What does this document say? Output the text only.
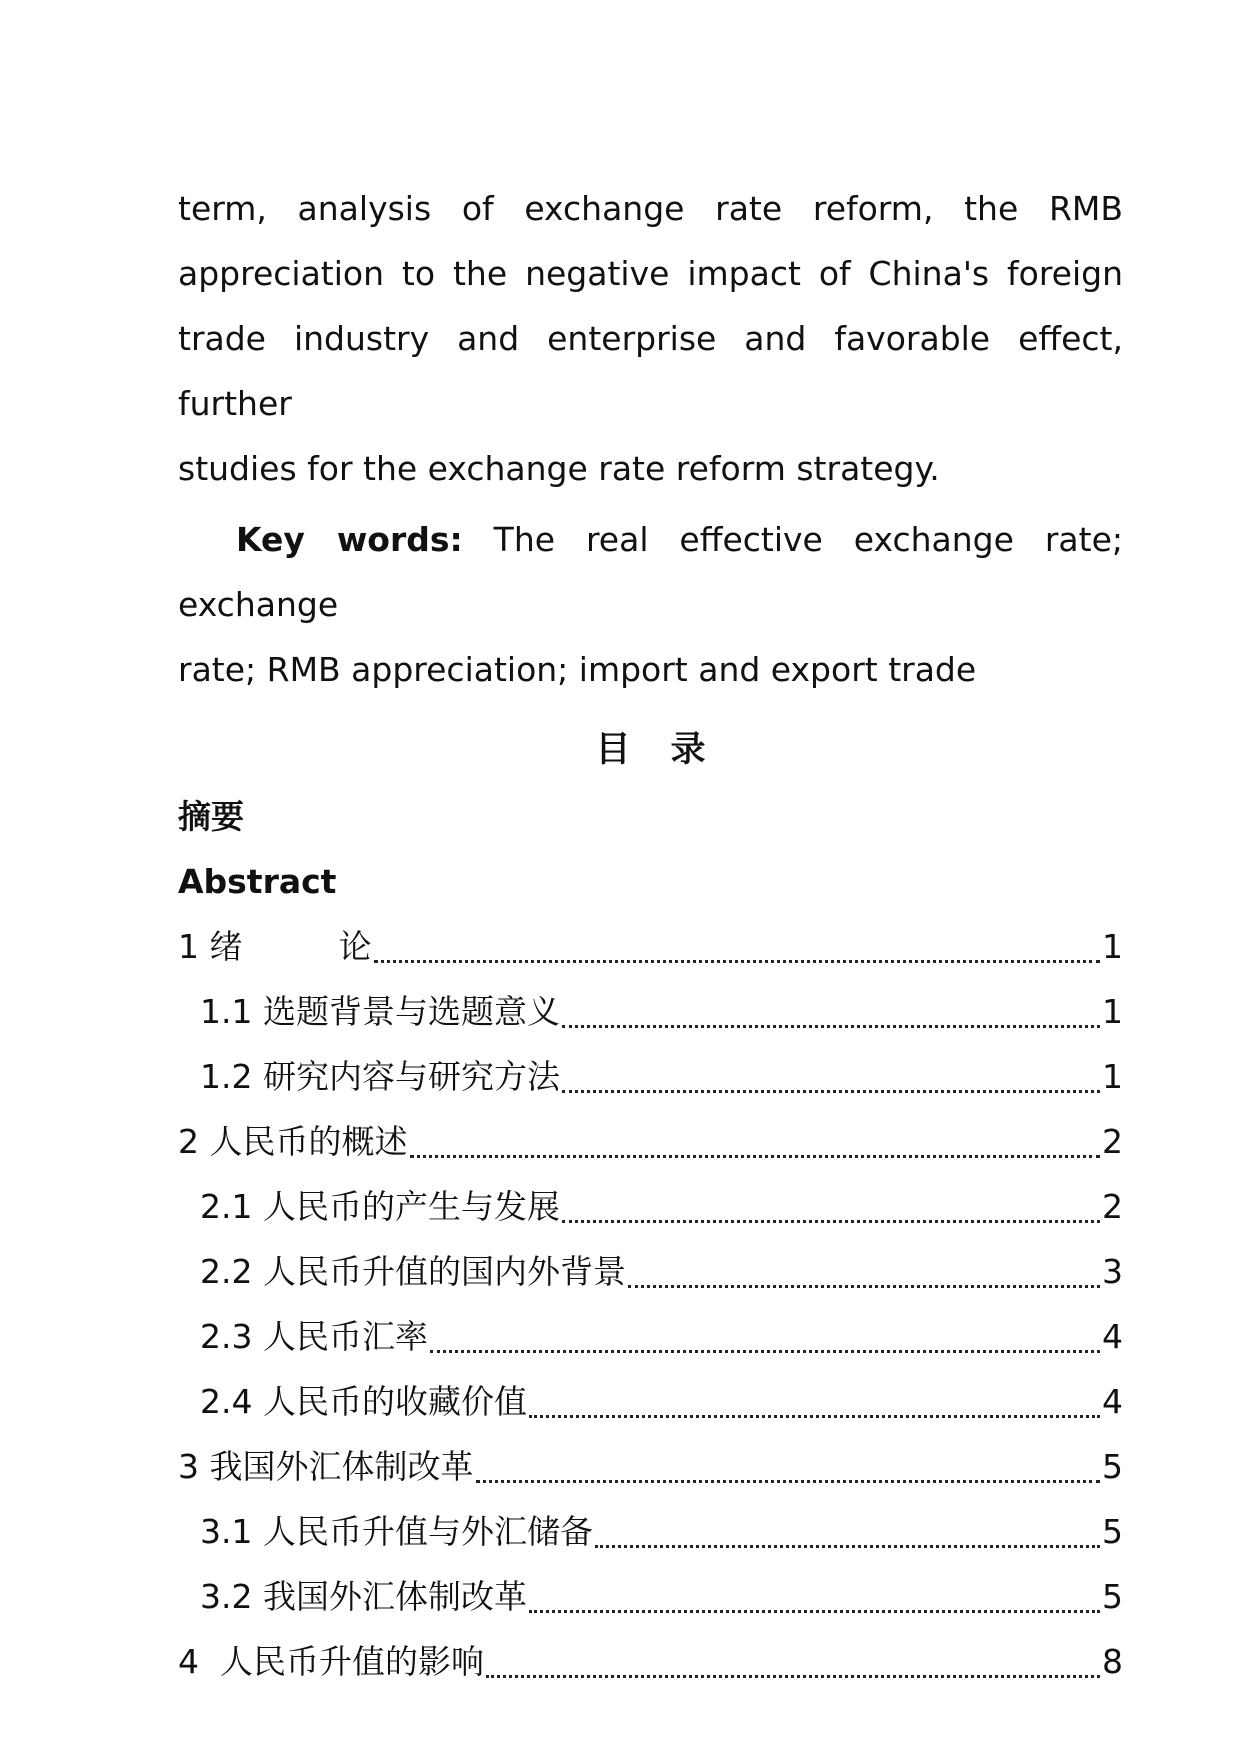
term, analysis of exchange rate reform, the RMB
appreciation to the negative impact of China's foreign
trade industry and enterprise and favorable effect, further
studies for the exchange rate reform strategy.

Key words: The real effective exchange rate; exchange
rate; RMB appreciation; import and export trade

目 录
摘要
Abstract
1 绪	论	1
1.1 选题背景与选题意义	1
1.2 研究内容与研究方法	1
2 人民币的概述	2
2.1 人民币的产生与发展	2
2.2 人民币升值的国内外背景	3
2.3 人民币汇率	4
2.4 人民币的收藏价值	4
3 我国外汇体制改革	5
3.1 人民币升值与外汇储备	5
3.2 我国外汇体制改革	5
4  人民币升值的影响	8
